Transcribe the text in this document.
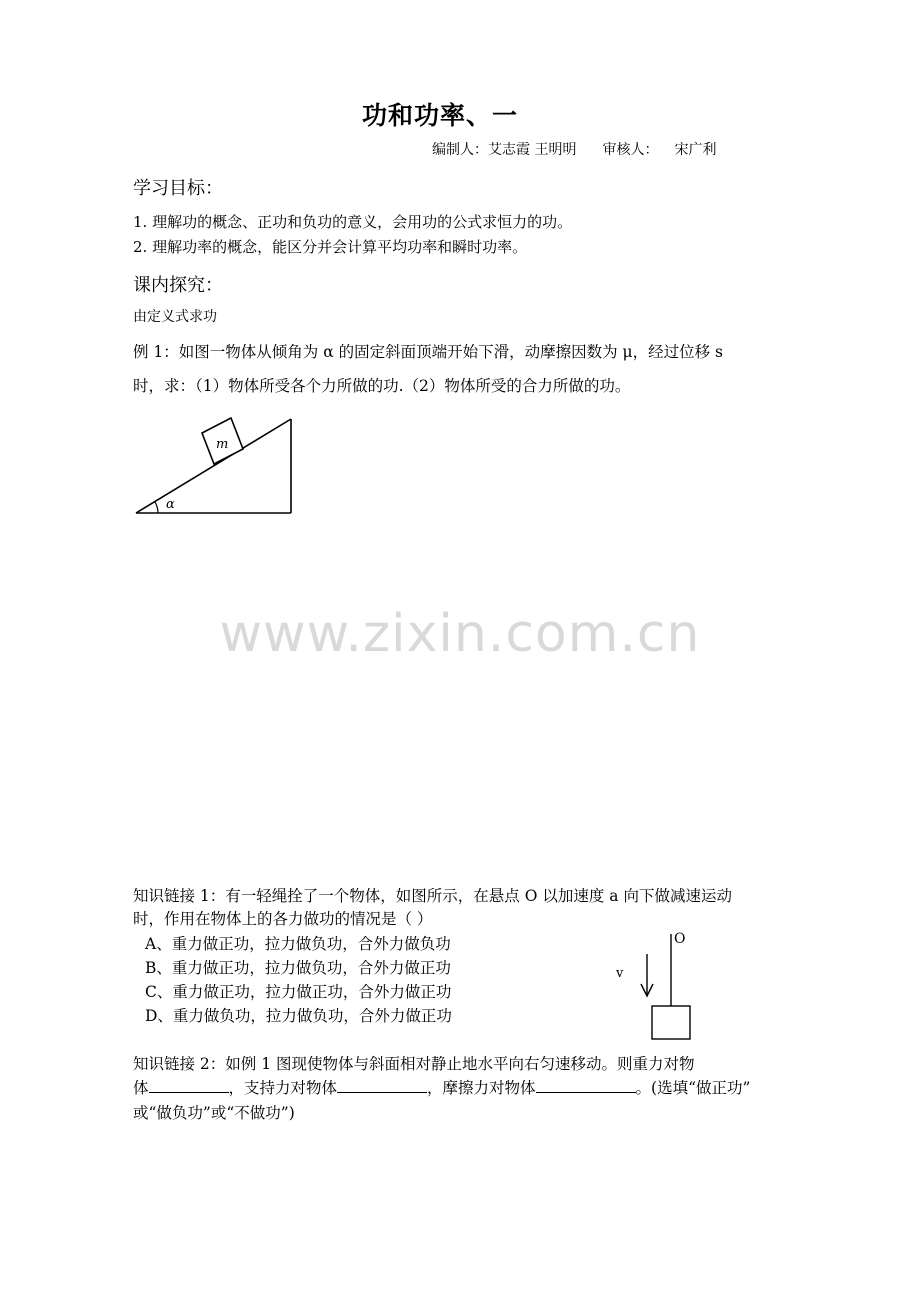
功和功率、一
编制人：艾志霞 王明明 审核人： 宋广利
学习目标：
1. 理解功的概念、正功和负功的意义，会用功的公式求恒力的功。
2. 理解功率的概念，能区分并会计算平均功率和瞬时功率。
课内探究：
由定义式求功
例 1：如图一物体从倾角为 α 的固定斜面顶端开始下滑，动摩擦因数为 μ，经过位移 s
时，求：（1）物体所受各个力所做的功.（2）物体所受的合力所做的功。
m
α
www.zixin.com.cn
知识链接 1：有一轻绳拴了一个物体，如图所示，在悬点 O 以加速度 a 向下做减速运动
时，作用在物体上的各力做功的情况是（ ）
A、重力做正功，拉力做负功，合外力做负功
B、重力做正功，拉力做负功，合外力做正功
C、重力做正功，拉力做正功，合外力做正功
D、重力做负功，拉力做负功，合外力做正功
O
v
知识链接 2：如例 1 图现使物体与斜面相对静止地水平向右匀速移动。则重力对物
体	，支持力对物体	，摩擦力对物体	。(选填“做正功”
或“做负功”或“不做功”)
